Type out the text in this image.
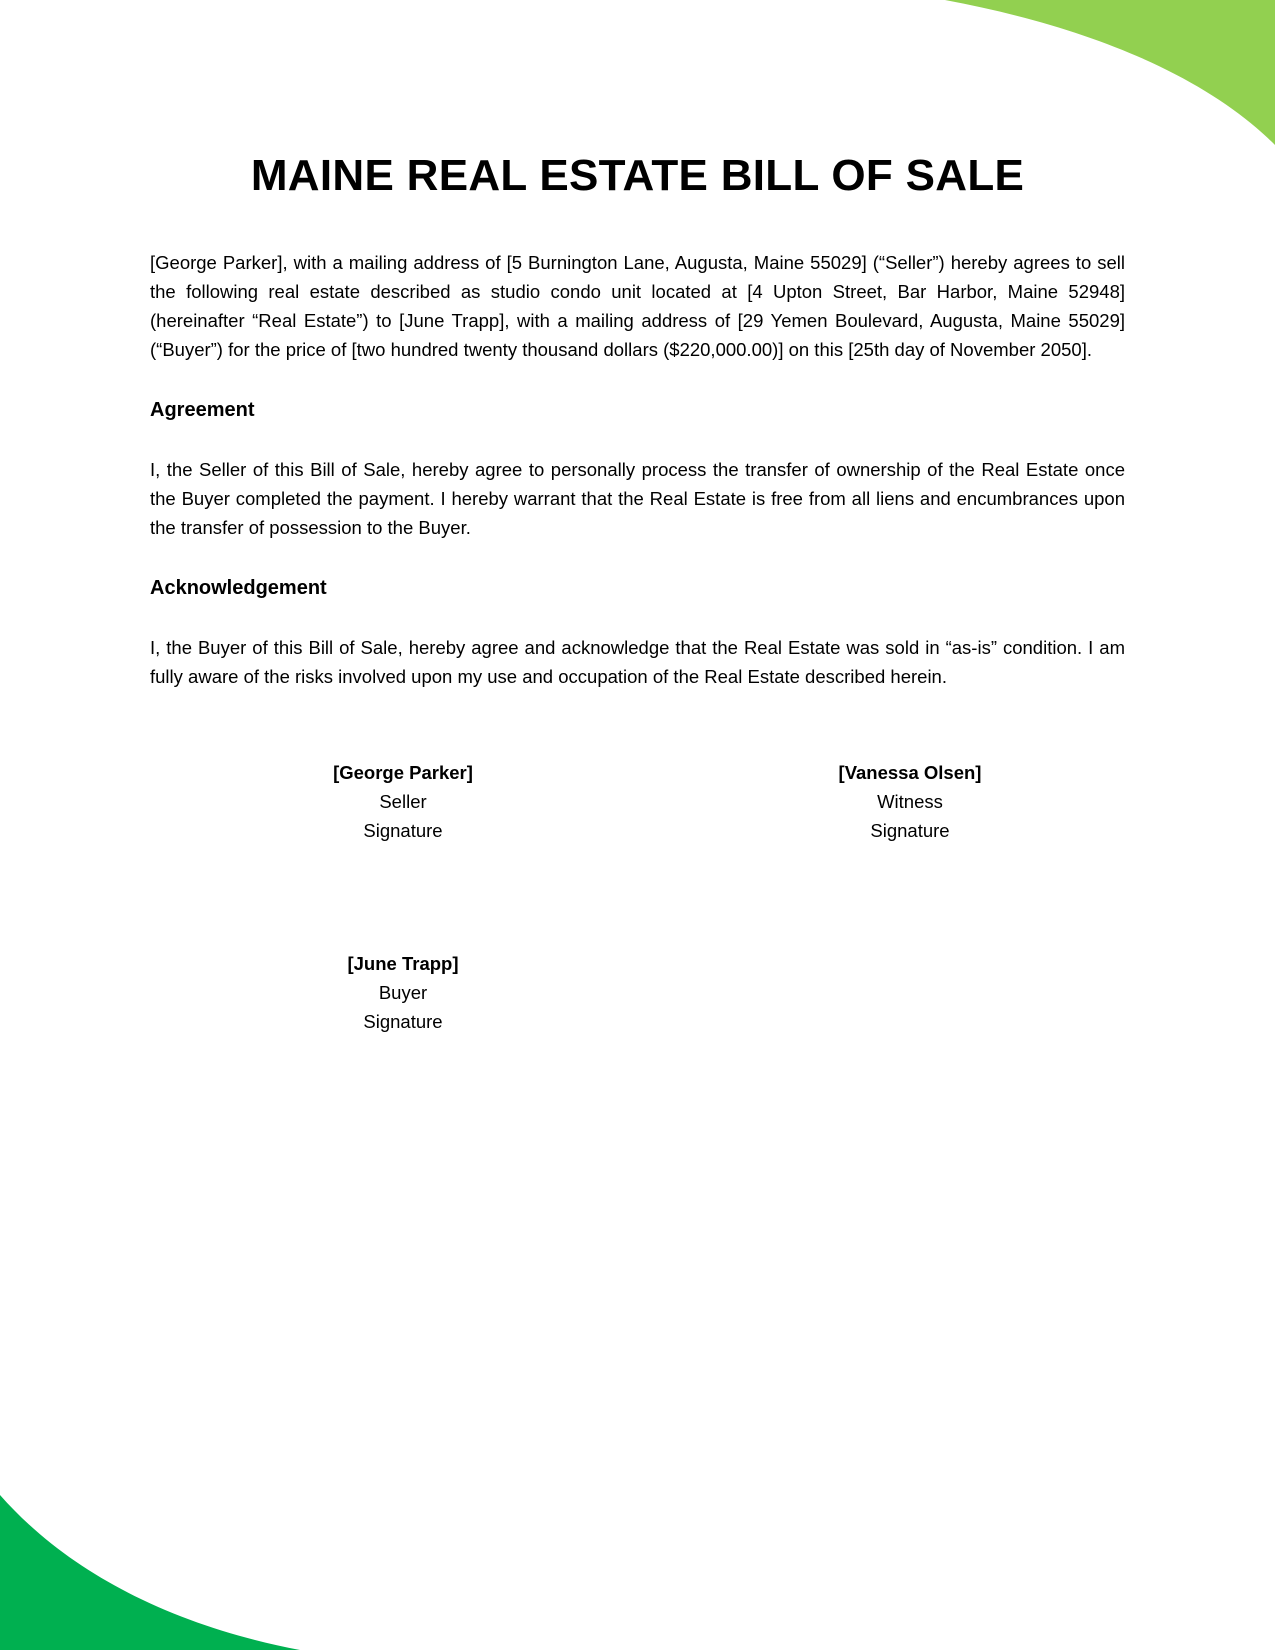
MAINE REAL ESTATE BILL OF SALE

[George Parker], with a mailing address of [5 Burnington Lane, Augusta, Maine 55029] (“Seller”) hereby agrees to sell the following real estate described as studio condo unit located at [4 Upton Street, Bar Harbor, Maine 52948] (hereinafter “Real Estate”) to [June Trapp], with a mailing address of [29 Yemen Boulevard, Augusta, Maine 55029] (“Buyer”) for the price of [two hundred twenty thousand dollars ($220,000.00)] on this [25th day of November 2050].

Agreement

I, the Seller of this Bill of Sale, hereby agree to personally process the transfer of ownership of the Real Estate once the Buyer completed the payment. I hereby warrant that the Real Estate is free from all liens and encumbrances upon the transfer of possession to the Buyer.

Acknowledgement

I, the Buyer of this Bill of Sale, hereby agree and acknowledge that the Real Estate was sold in “as-is” condition. I am fully aware of the risks involved upon my use and occupation of the Real Estate described herein.

[George Parker]
Seller
Signature
[Vanessa Olsen]
Witness
Signature
[June Trapp]
Buyer
Signature
